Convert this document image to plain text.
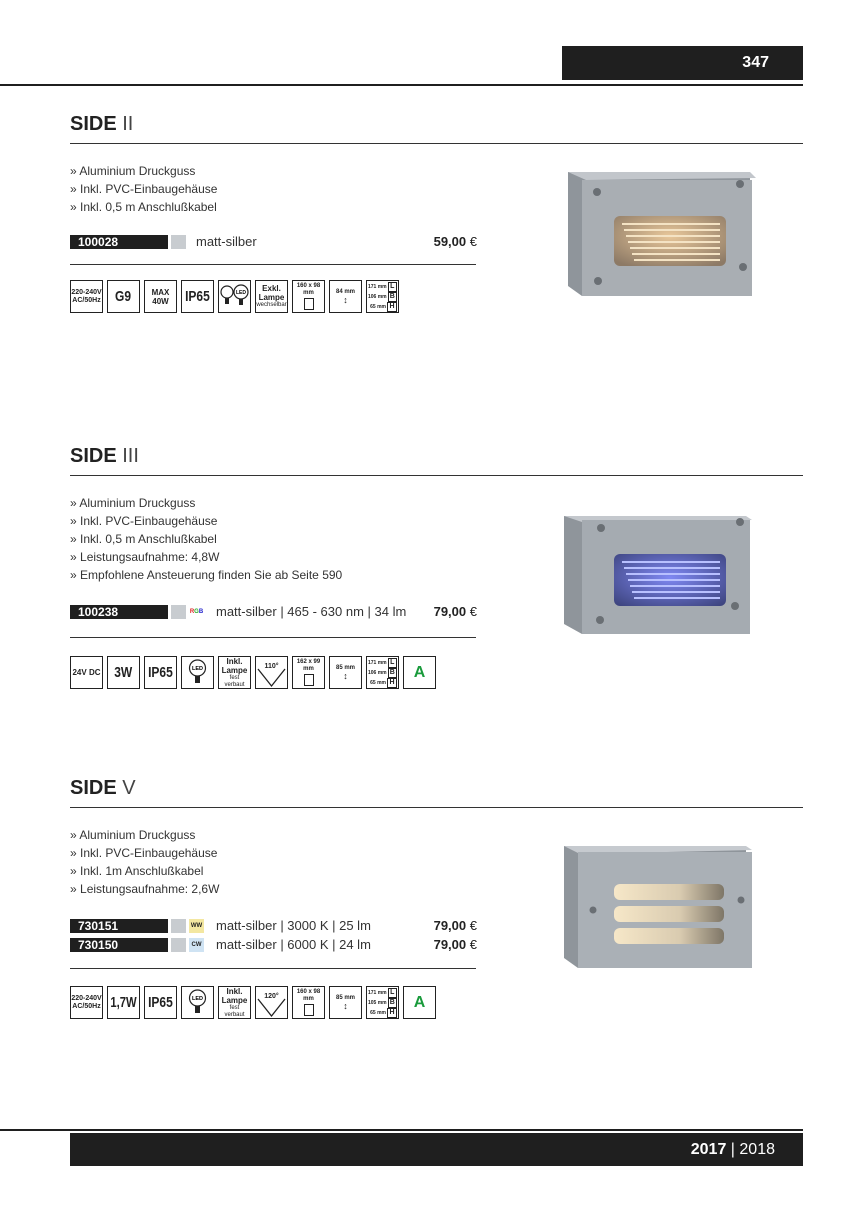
347
SIDE II
» Aluminium Druckguss
» Inkl. PVC-Einbaugehäuse
» Inkl. 0,5 m Anschlußkabel
100028	matt-silber	59,00 €
220-240V AC/50Hz G9	MAX 40W	IP65	LED	Exkl. Lampe
wechselbar
160 x 98 mm	84 mm
↕
171
mm L
106
mm B
65
mm H
SIDE III
» Aluminium Druckguss
» Inkl. PVC-Einbaugehäuse
» Inkl. 0,5 m Anschlußkabel
» Leistungsaufnahme: 4,8W
» Empfohlene Ansteuerung finden Sie ab Seite 590
100238	RGB matt-silber | 465 - 630 nm | 34 lm	79,00 €
24V DC 3W IP65	LED
Inkl. Lampe
fest verbaut
110°
162 x 99 mm	85 mm
↕
171
mm L
106
mm B
65
mm H
A
SIDE V
» Aluminium Druckguss
» Inkl. PVC-Einbaugehäuse
» Inkl. 1m Anschlußkabel
» Leistungsaufnahme: 2,6W
730151	WW matt-silber | 3000 K | 25 lm	79,00 €
730150	CW matt-silber | 6000 K | 24 lm	79,00 €
220-240V AC/50Hz 1,7W IP65	LED
Inkl. Lampe
fest verbaut
120°
160 x 98 mm	85 mm
↕
171
mm L
105
mm B
65
mm H
A
2017
|
2018
